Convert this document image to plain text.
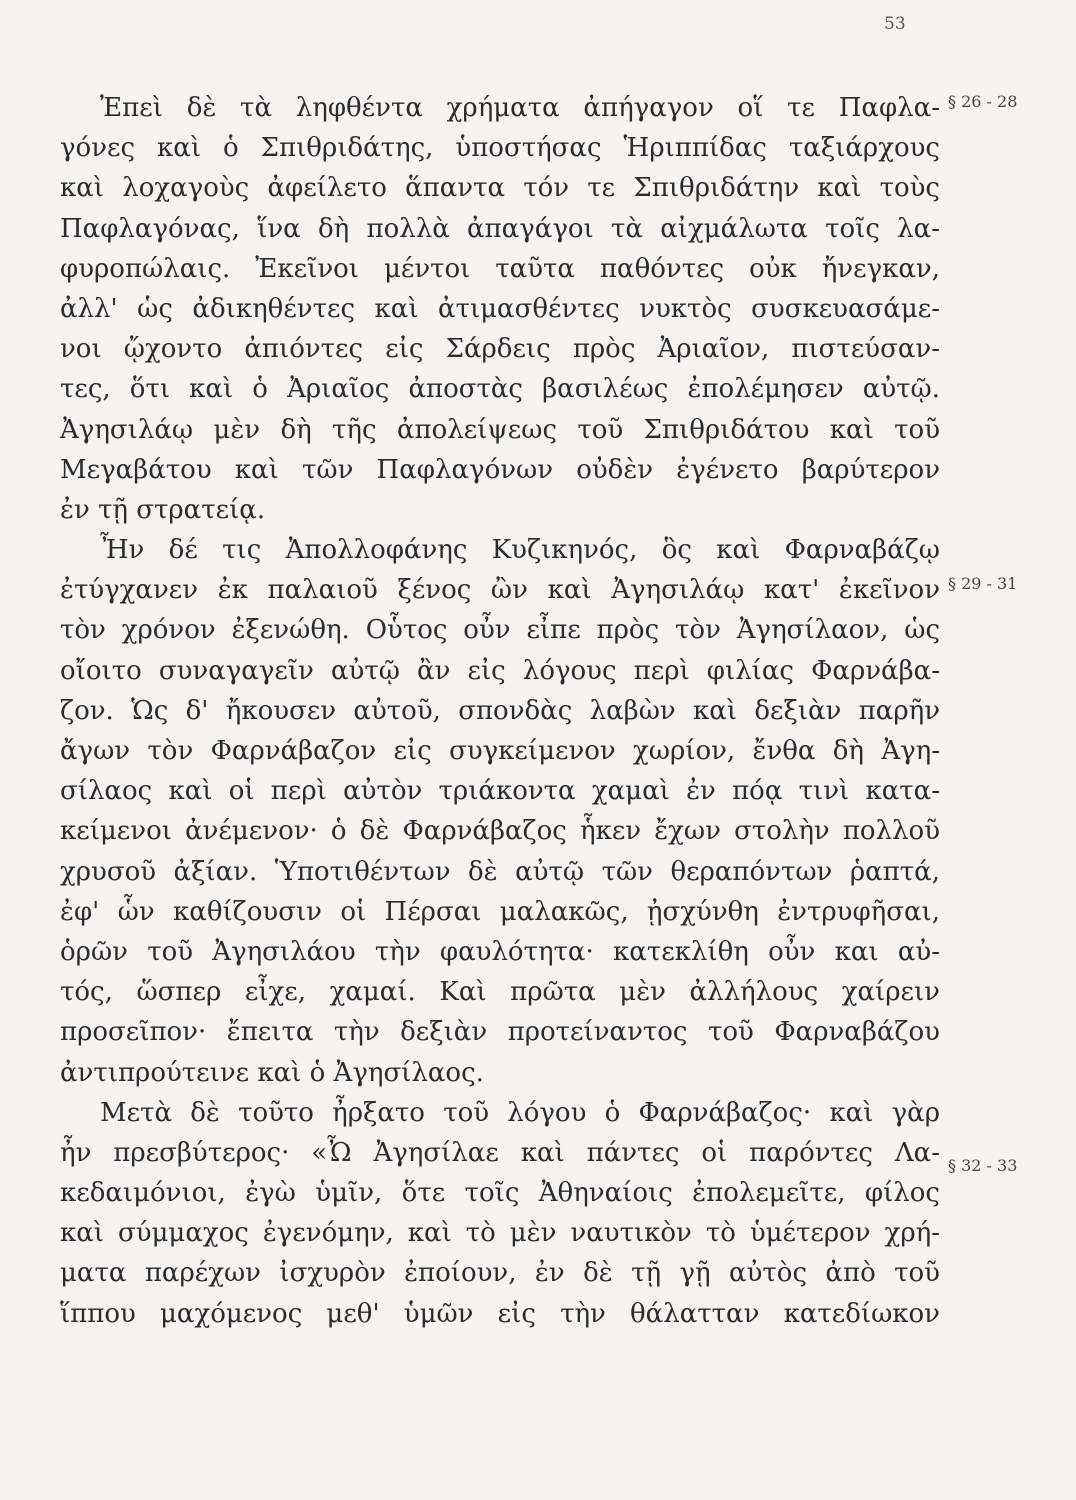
53
§ 26 - 28
§ 29 - 31
§ 32 - 33
Ἐπεὶ δὲ τὰ ληφθέντα χρήματα ἀπήγαγον οἵ τε Παφλα-
γόνες καὶ ὁ Σπιθριδάτης, ὑποστήσας Ἡριππίδας ταξιάρχους
καὶ λοχαγοὺς ἀφείλετο ἅπαντα τόν τε Σπιθριδάτην καὶ τοὺς
Παφλαγόνας, ἵνα δὴ πολλὰ ἀπαγάγοι τὰ αἰχμάλωτα τοῖς λα-
φυροπώλαις. Ἐκεῖνοι μέντοι ταῦτα παθόντες οὐκ ἤνεγκαν,
ἀλλ' ὡς ἀδικηθέντες καὶ ἀτιμασθέντες νυκτὸς συσκευασάμε-
νοι ᾤχοντο ἀπιόντες εἰς Σάρδεις πρὸς Ἀριαῖον, πιστεύσαν-
τες, ὅτι καὶ ὁ Ἀριαῖος ἀποστὰς βασιλέως ἐπολέμησεν αὐτῷ.
Ἀγησιλάῳ μὲν δὴ τῆς ἀπολείψεως τοῦ Σπιθριδάτου καὶ τοῦ
Μεγαβάτου καὶ τῶν Παφλαγόνων οὐδὲν ἐγένετο βαρύτερον
ἐν τῇ στρατείᾳ.
Ἦν δέ τις Ἀπολλοφάνης Κυζικηνός, ὃς καὶ Φαρναβάζῳ
ἐτύγχανεν ἐκ παλαιοῦ ξένος ὢν καὶ Ἀγησιλάῳ κατ' ἐκεῖνον
τὸν χρόνον ἐξενώθη. Οὗτος οὖν εἶπε πρὸς τὸν Ἀγησίλαον, ὡς
οἴοιτο συναγαγεῖν αὐτῷ ἂν εἰς λόγους περὶ φιλίας Φαρνάβα-
ζον. Ὡς δ' ἤκουσεν αὐτοῦ, σπονδὰς λαβὼν καὶ δεξιὰν παρῆν
ἄγων τὸν Φαρνάβαζον εἰς συγκείμενον χωρίον, ἔνθα δὴ Ἀγη-
σίλαος καὶ οἱ περὶ αὐτὸν τριάκοντα χαμαὶ ἐν πόᾳ τινὶ κατα-
κείμενοι ἀνέμενον· ὁ δὲ Φαρνάβαζος ἧκεν ἔχων στολὴν πολλοῦ
χρυσοῦ ἀξίαν. Ὑποτιθέντων δὲ αὐτῷ τῶν θεραπόντων ῥαπτά,
ἐφ' ὧν καθίζουσιν οἱ Πέρσαι μαλακῶς, ᾐσχύνθη ἐντρυφῆσαι,
ὁρῶν τοῦ Ἀγησιλάου τὴν φαυλότητα· κατεκλίθη οὖν και αὐ-
τός, ὥσπερ εἶχε, χαμαί. Καὶ πρῶτα μὲν ἀλλήλους χαίρειν
προσεῖπον· ἔπειτα τὴν δεξιὰν προτείναντος τοῦ Φαρναβάζου
ἀντιπρούτεινε καὶ ὁ Ἀγησίλαος.
Μετὰ δὲ τοῦτο ἦρξατο τοῦ λόγου ὁ Φαρνάβαζος· καὶ γὰρ
ἦν πρεσβύτερος· «Ὦ Ἀγησίλαε καὶ πάντες οἱ παρόντες Λα-
κεδαιμόνιοι, ἐγὼ ὑμῖν, ὅτε τοῖς Ἀθηναίοις ἐπολεμεῖτε, φίλος
καὶ σύμμαχος ἐγενόμην, καὶ τὸ μὲν ναυτικὸν τὸ ὑμέτερον χρή-
ματα παρέχων ἰσχυρὸν ἐποίουν, ἐν δὲ τῇ γῇ αὐτὸς ἀπὸ τοῦ
ἵππου μαχόμενος μεθ' ὑμῶν εἰς τὴν θάλατταν κατεδίωκον
